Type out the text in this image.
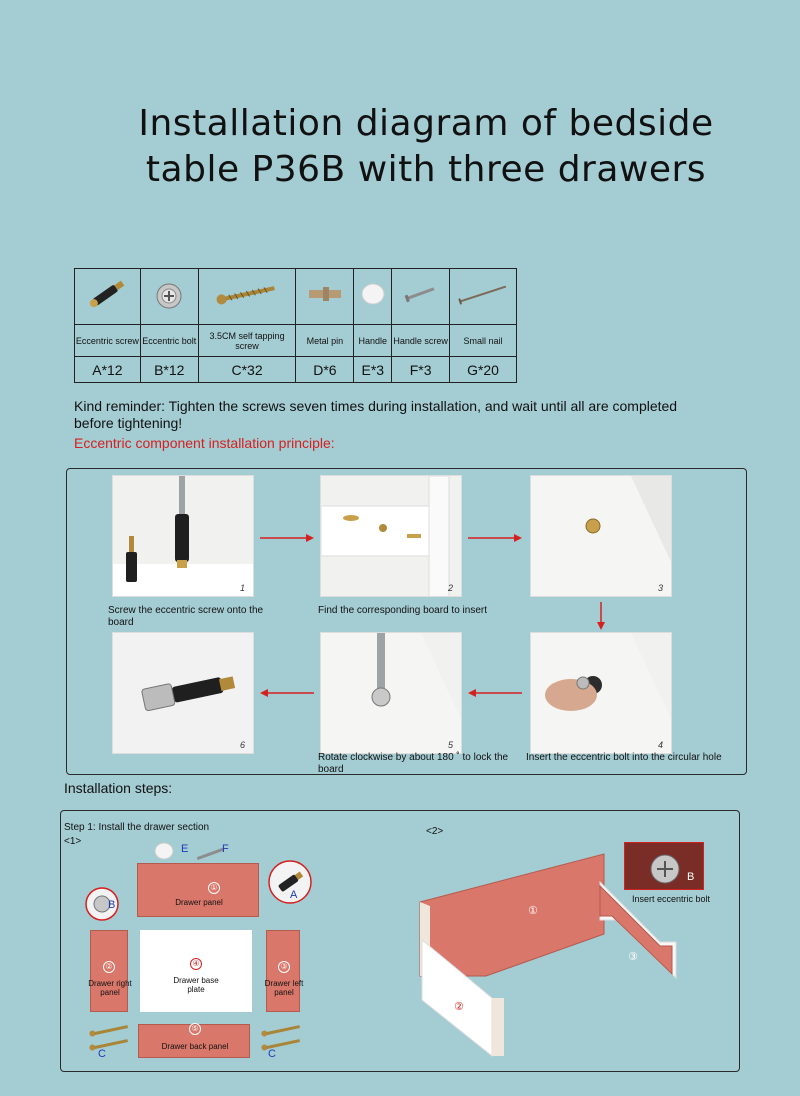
Installation diagram of bedside
table P36B with three drawers

Eccentric screw	Eccentric bolt	3.5CM self tapping screw	Metal pin	Handle	Handle screw	Small nail
A*12	B*12	C*32	D*6	E*3	F*3	G*20
Kind reminder: Tighten the screws seven times during installation, and wait until all are completed before tightening!
Eccentric component installation principle:
1	2	3
4
5
6
Screw the eccentric screw onto the board
Find the corresponding board to insert
Rotate clockwise by about 180 ˚ to lock the board
Insert the eccentric bolt into the circular hole
Installation steps:
Step 1: Install the drawer section
<1>
<2>
E	F
①
Drawer panel
A
B
②
Drawer right panel
④
Drawer base plate
③
Drawer left panel
C
⑤
Drawer back panel
C
①
②
③
B
Insert eccentric bolt
